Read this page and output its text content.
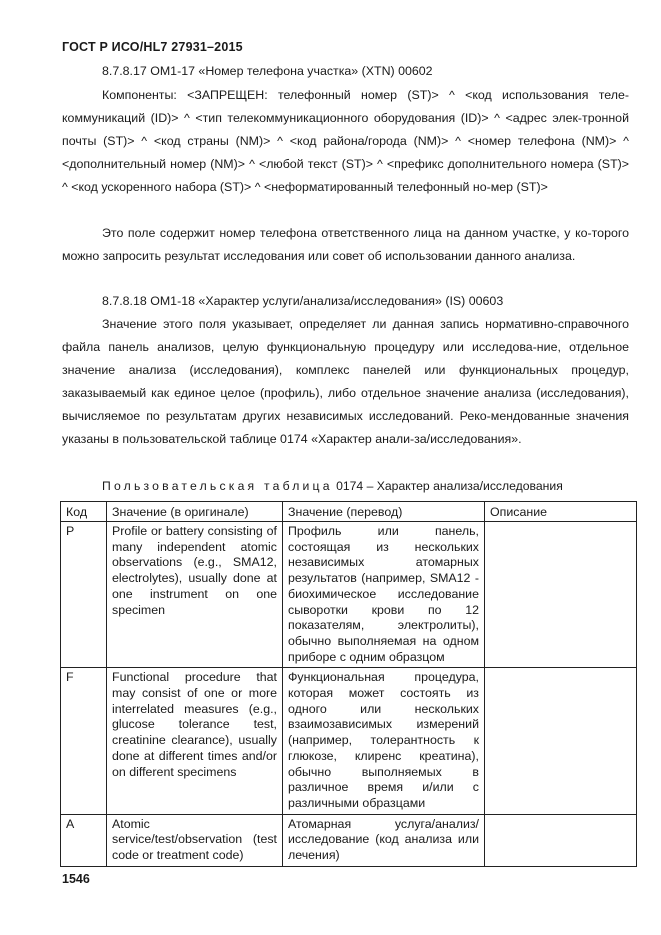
ГОСТ Р ИСО/HL7 27931–2015
8.7.8.17 OM1-17 «Номер телефона участка» (XTN) 00602

Компоненты: <ЗАПРЕЩЕН: телефонный номер (ST)> ^ <код использования теле-коммуникаций (ID)> ^ <тип телекоммуникационного оборудования (ID)> ^ <адрес элек-тронной почты (ST)> ^ <код страны (NM)> ^ <код района/города (NM)> ^ <номер телефона (NM)> ^ <дополнительный номер (NM)> ^ <любой текст (ST)> ^ <префикс дополнительного номера (ST)> ^ <код ускоренного набора (ST)> ^ <неформатированный телефонный но-мер (ST)>

Это поле содержит номер телефона ответственного лица на данном участке, у ко-торого можно запросить результат исследования или совет об использовании данного анализа.

8.7.8.18 OM1-18 «Характер услуги/анализа/исследования» (IS) 00603

Значение этого поля указывает, определяет ли данная запись нормативно-справочного файла панель анализов, целую функциональную процедуру или исследова-ние, отдельное значение анализа (исследования), комплекс панелей или функциональных процедур, заказываемый как единое целое (профиль), либо отдельное значение анализа (исследования), вычисляемое по результатам других независимых исследований. Реко-мендованные значения указаны в пользовательской таблице 0174 «Характер анали-за/исследования».

Пользовательская таблица 0174 – Характер анализа/исследования
Код	Значение (в оригинале)	Значение (перевод)	Описание
P	Profile or battery consisting of many independent atomic observations (e.g., SMA12, electrolytes), usually done at one instrument on one specimen	Профиль или панель, состоящая из нескольких независимых атомарных результатов (например, SMA12 - биохимическое исследование сыворотки крови по 12 показателям, электролиты), обычно выполняемая на одном приборе с одним образцом	
F	Functional procedure that may consist of one or more interrelated measures (e.g., glucose tolerance test, creatinine clearance), usually done at different times and/or on different specimens	Функциональная процедура, которая может состоять из одного или нескольких взаимозависимых измерений (например, толерантность к глюкозе, клиренс креатина), обычно выполняемых в различное время и/или с различными образцами	
A	Atomic service/test/observation (test code or treatment code)	Атомарная услуга/анализ/исследование (код анализа или лечения)	
1546
